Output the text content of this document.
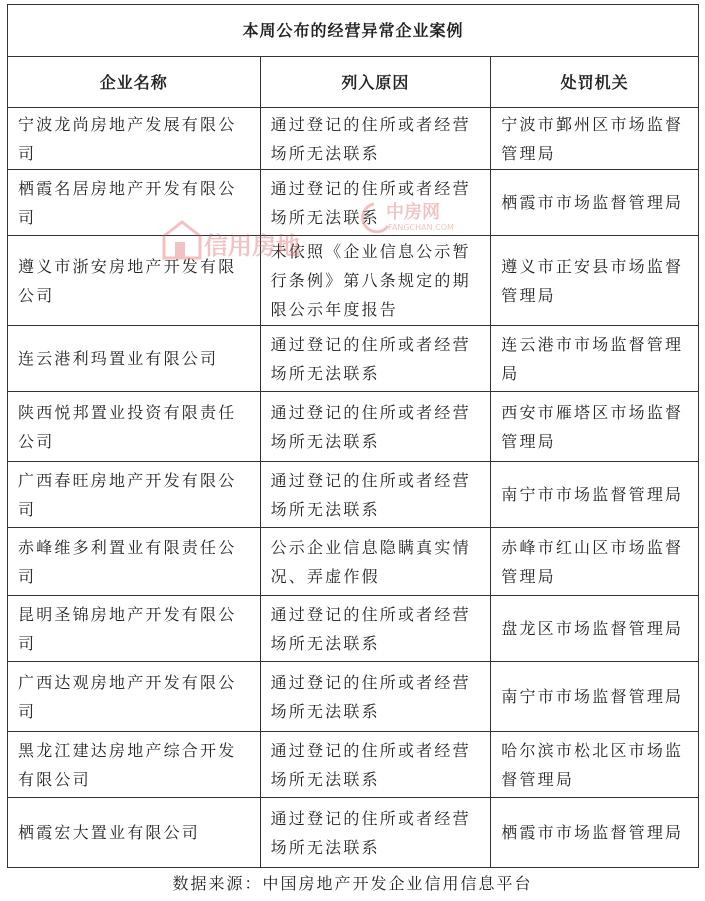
本周公布的经营异常企业案例		
企业名称	列入原因	处罚机关
宁波龙尚房地产发展有限公司	通过登记的住所或者经营场所无法联系	宁波市鄞州区市场监督管理局
栖霞名居房地产开发有限公司	通过登记的住所或者经营场所无法联系	栖霞市市场监督管理局
遵义市浙安房地产开发有限公司	未依照《企业信息公示暂行条例》第八条规定的期限公示年度报告	遵义市正安县市场监督管理局
连云港利玛置业有限公司	通过登记的住所或者经营场所无法联系	连云港市市场监督管理局
陕西悦邦置业投资有限责任公司	通过登记的住所或者经营场所无法联系	西安市雁塔区市场监督管理局
广西春旺房地产开发有限公司	通过登记的住所或者经营场所无法联系	南宁市市场监督管理局
赤峰维多利置业有限责任公司	公示企业信息隐瞒真实情况、弄虚作假	赤峰市红山区市场监督管理局
昆明圣锦房地产开发有限公司	通过登记的住所或者经营场所无法联系	盘龙区市场监督管理局
广西达观房地产开发有限公司	通过登记的住所或者经营场所无法联系	南宁市市场监督管理局
黑龙江建达房地产综合开发有限公司	通过登记的住所或者经营场所无法联系	哈尔滨市松北区市场监督管理局
栖霞宏大置业有限公司	通过登记的住所或者经营场所无法联系	栖霞市市场监督管理局
信用房地
中房网
FANGCHAN.COM
数据来源：中国房地产开发企业信用信息平台
